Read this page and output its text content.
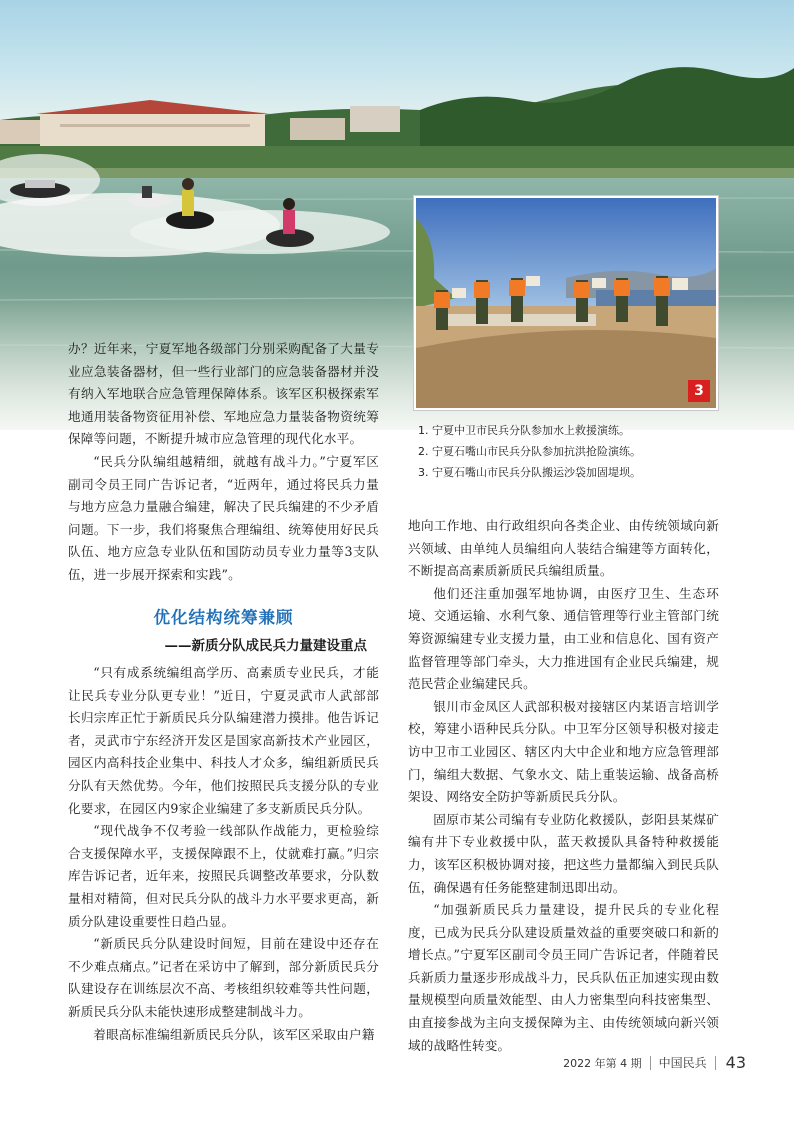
3

办？近年来，宁夏军地各级部门分别采购配备了大量专业应急装备器材，但一些行业部门的应急装备器材并没有纳入军地联合应急管理保障体系。该军区积极探索军地通用装备物资征用补偿、军地应急力量装备物资统筹保障等问题，不断提升城市应急管理的现代化水平。

“民兵分队编组越精细，就越有战斗力。”宁夏军区副司令员王同广告诉记者，“近两年，通过将民兵力量与地方应急力量融合编建，解决了民兵编建的不少矛盾问题。下一步，我们将聚焦合理编组、统筹使用好民兵队伍、地方应急专业队伍和国防动员专业力量等3支队伍，进一步展开探索和实践”。

优化结构统筹兼顾
——新质分队成民兵力量建设重点

“只有成系统编组高学历、高素质专业民兵，才能让民兵专业分队更专业！”近日，宁夏灵武市人武部部长归宗库正忙于新质民兵分队编建潜力摸排。他告诉记者，灵武市宁东经济开发区是国家高新技术产业园区，园区内高科技企业集中、科技人才众多，编组新质民兵分队有天然优势。今年，他们按照民兵支援分队的专业化要求，在园区内9家企业编建了多支新质民兵分队。

“现代战争不仅考验一线部队作战能力，更检验综合支援保障水平，支援保障跟不上，仗就难打赢。”归宗库告诉记者，近年来，按照民兵调整改革要求，分队数量相对精简，但对民兵分队的战斗力水平要求更高，新质分队建设重要性日趋凸显。

“新质民兵分队建设时间短，目前在建设中还存在不少难点痛点。”记者在采访中了解到，部分新质民兵分队建设存在训练层次不高、考核组织较难等共性问题，新质民兵分队未能快速形成整建制战斗力。

着眼高标准编组新质民兵分队，该军区采取由户籍

1. 宁夏中卫市民兵分队参加水上救援演练。
2. 宁夏石嘴山市民兵分队参加抗洪抢险演练。
3. 宁夏石嘴山市民兵分队搬运沙袋加固堤坝。

地向工作地、由行政组织向各类企业、由传统领域向新兴领域、由单纯人员编组向人装结合编建等方面转化，不断提高高素质新质民兵编组质量。

他们还注重加强军地协调，由医疗卫生、生态环境、交通运输、水利气象、通信管理等行业主管部门统筹资源编建专业支援力量，由工业和信息化、国有资产监督管理等部门牵头，大力推进国有企业民兵编建，规范民营企业编建民兵。

银川市金凤区人武部积极对接辖区内某语言培训学校，筹建小语种民兵分队。中卫军分区领导积极对接走访中卫市工业园区、辖区内大中企业和地方应急管理部门，编组大数据、气象水文、陆上重装运输、战备高桥架设、网络安全防护等新质民兵分队。

固原市某公司编有专业防化救援队，彭阳县某煤矿编有井下专业救援中队，蓝天救援队具备特种救援能力，该军区积极协调对接，把这些力量都编入到民兵队伍，确保遇有任务能整建制迅即出动。

“加强新质民兵力量建设，提升民兵的专业化程度，已成为民兵分队建设质量效益的重要突破口和新的增长点。”宁夏军区副司令员王同广告诉记者，伴随着民兵新质力量逐步形成战斗力，民兵队伍正加速实现由数量规模型向质量效能型、由人力密集型向科技密集型、由直接参战为主向支援保障为主、由传统领域向新兴领域的战略性转变。

2022 年第 4 期 中国民兵 43
